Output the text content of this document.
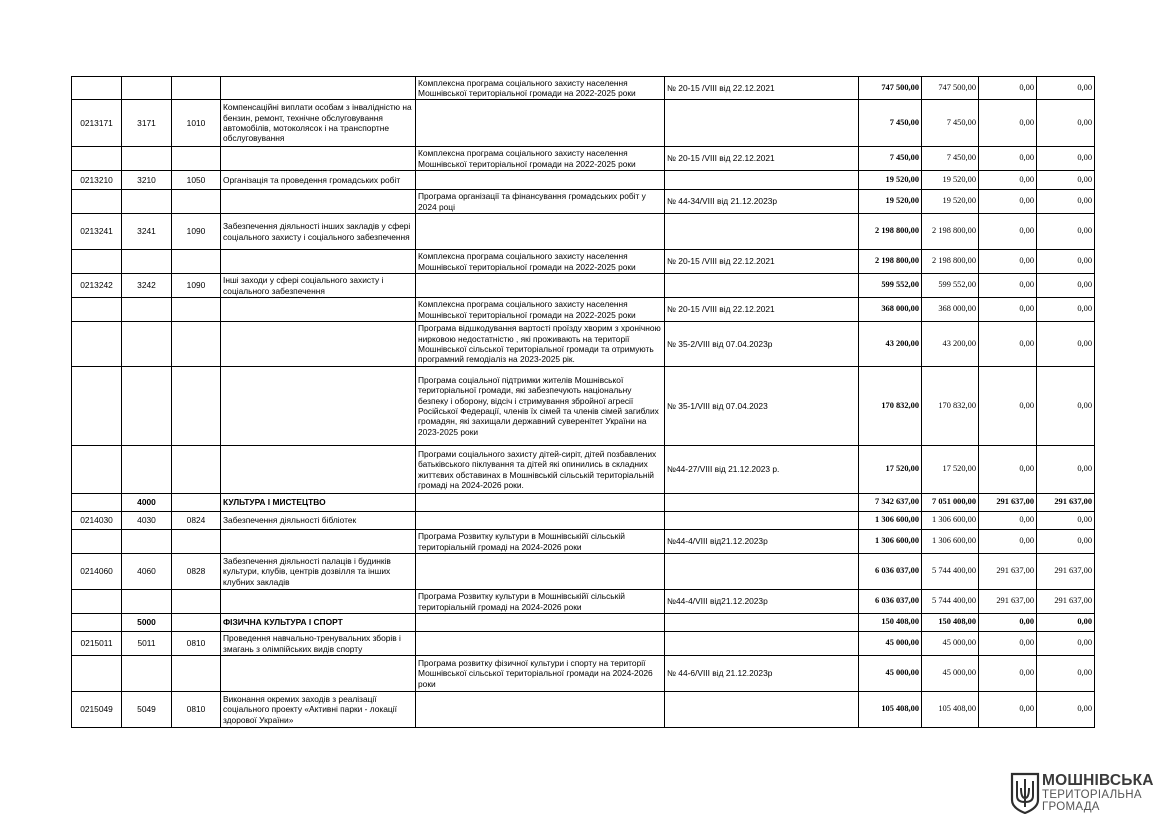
				Комплексна програма соціального захисту населення Мошнівської територіальної громади на 2022-2025 роки	№ 20-15 /VIII від 22.12.2021	747 500,00	747 500,00	0,00	0,00
0213171	3171	1010	Компенсаційні виплати особам з інвалідністю на бензин, ремонт, технічне обслуговування автомобілів, мотоколясок і на транспортне обслуговування			7 450,00	7 450,00	0,00	0,00
				Комплексна програма соціального захисту населення Мошнівської територіальної громади на 2022-2025 роки	№ 20-15 /VIII від 22.12.2021	7 450,00	7 450,00	0,00	0,00
0213210	3210	1050	Організація та проведення громадських робіт			19 520,00	19 520,00	0,00	0,00
				Програма організації та фінансування громадських робіт у 2024 році	№ 44-34/VIII від 21.12.2023р	19 520,00	19 520,00	0,00	0,00
0213241	3241	1090	Забезпечення діяльності інших закладів у сфері соціального захисту і соціального забезпечення			2 198 800,00	2 198 800,00	0,00	0,00
				Комплексна програма соціального захисту населення Мошнівської територіальної громади на 2022-2025 роки	№ 20-15 /VIII від 22.12.2021	2 198 800,00	2 198 800,00	0,00	0,00
0213242	3242	1090	Інші заходи у сфері соціального захисту і соціального забезпечення			599 552,00	599 552,00	0,00	0,00
				Комплексна програма соціального захисту населення Мошнівської територіальної громади на 2022-2025 роки	№ 20-15 /VIII від 22.12.2021	368 000,00	368 000,00	0,00	0,00
				Програма відшкодування вартості проїзду хворим з хронічною нирковою недостатністю , які проживають на території Мошнівської сільської територіальної громади та отримують програмний гемодіаліз на 2023-2025 рік.	№ 35-2/VIII від 07.04.2023р	43 200,00	43 200,00	0,00	0,00
				Програма соціальної підтримки жителів Мошнівської територіальної громади, які забезпечують національну безпеку і оборону, відсіч і стримування збройної агресії Російської Федерації, членів їх сімей та членів сімей загиблих громадян, які захищали державний суверенітет України на 2023-2025 роки	№ 35-1/VIII від 07.04.2023	170 832,00	170 832,00	0,00	0,00
				Програми соціального захисту дітей-сиріт, дітей позбавлених батьківського піклування та дітей які опинились в складних життєвих обставинах в Мошнівській сільській територіальній громаді на 2024-2026 роки.	№44-27/VIII від 21.12.2023 р.	17 520,00	17 520,00	0,00	0,00
	4000		КУЛЬТУРА І МИСТЕЦТВО			7 342 637,00	7 051 000,00	291 637,00	291 637,00
0214030	4030	0824	Забезпечення діяльності бібліотек			1 306 600,00	1 306 600,00	0,00	0,00
				Програма Розвитку культури в Мошнівськійї сільській територіальній громаді на 2024-2026 роки	№44-4/VIII від21.12.2023р	1 306 600,00	1 306 600,00	0,00	0,00
0214060	4060	0828	Забезпечення діяльності палаців і будинків культури, клубів, центрів дозвілля та інших клубних закладів			6 036 037,00	5 744 400,00	291 637,00	291 637,00
				Програма Розвитку культури в Мошнівськійї сільській територіальній громаді на 2024-2026 роки	№44-4/VIII від21.12.2023р	6 036 037,00	5 744 400,00	291 637,00	291 637,00
	5000		ФІЗИЧНА КУЛЬТУРА І СПОРТ			150 408,00	150 408,00	0,00	0,00
0215011	5011	0810	Проведення навчально-тренувальних зборів і змагань з олімпійських видів спорту			45 000,00	45 000,00	0,00	0,00
				Програма розвитку фізичної культури і спорту на території Мошнівської сільської територіальної громади на 2024-2026 роки	№ 44-6/VIII від 21.12.2023р	45 000,00	45 000,00	0,00	0,00
0215049	5049	0810	Виконання окремих заходів з реалізації соціального проекту «Активні парки - локації здорової України»			105 408,00	105 408,00	0,00	0,00
МОШНІВСЬКА
ТЕРИТОРІАЛЬНА
ГРОМАДА
